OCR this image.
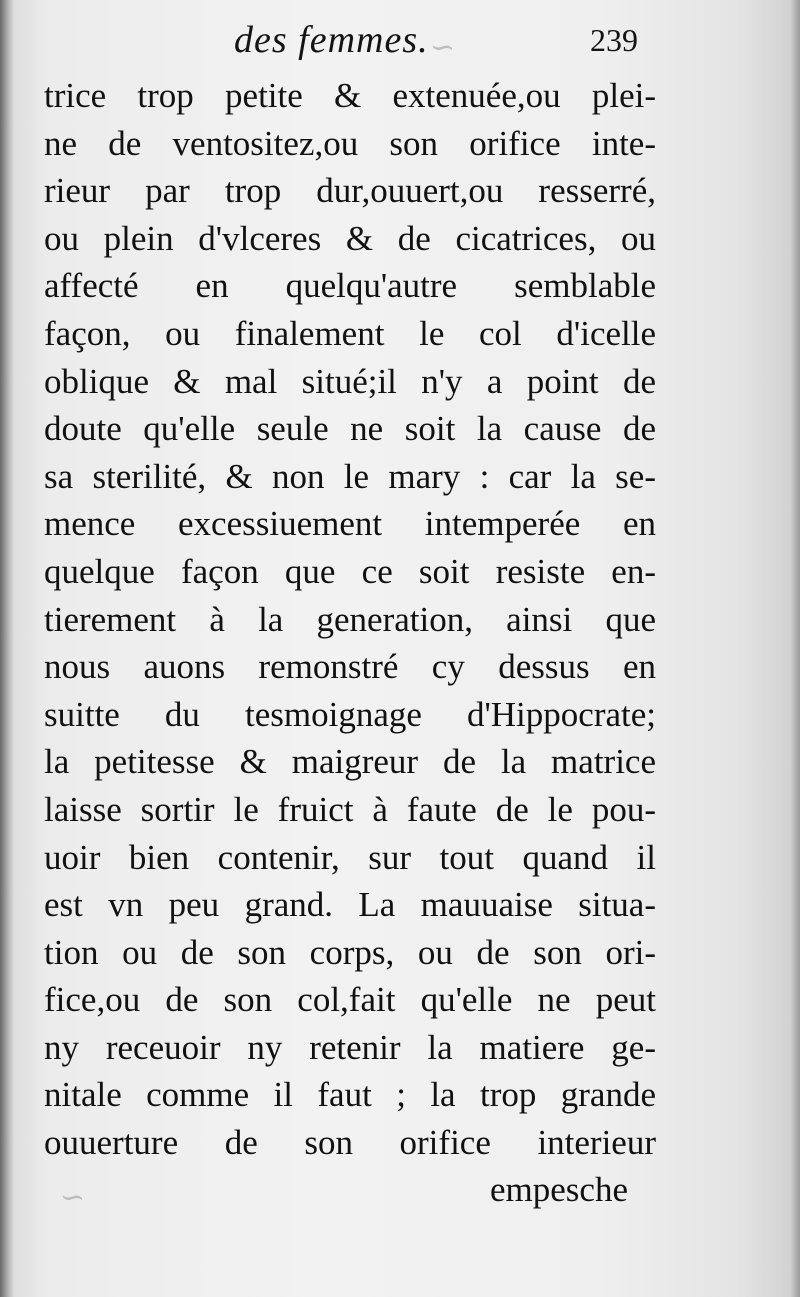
~
~
des femmes.	239
trice trop petite & extenuée,ou plei-
ne de ventositez,ou son orifice inte-
rieur par trop dur,ouuert,ou resserré,
ou plein d'vlceres & de cicatrices, ou
affecté en quelqu'autre semblable
façon, ou finalement le col d'icelle
oblique & mal situé;il n'y a point de
doute qu'elle seule ne soit la cause de
sa sterilité, & non le mary : car la se-
mence excessiuement intemperée en
quelque façon que ce soit resiste en-
tierement à la generation, ainsi que
nous auons remonstré cy dessus en
suitte du tesmoignage d'Hippocrate;
la petitesse & maigreur de la matrice
laisse sortir le fruict à faute de le pou-
uoir bien contenir, sur tout quand il
est vn peu grand. La mauuaise situa-
tion ou de son corps, ou de son ori-
fice,ou de son col,fait qu'elle ne peut
ny receuoir ny retenir la matiere ge-
nitale comme il faut ; la trop grande
ouuerture de son orifice interieur
empesche
